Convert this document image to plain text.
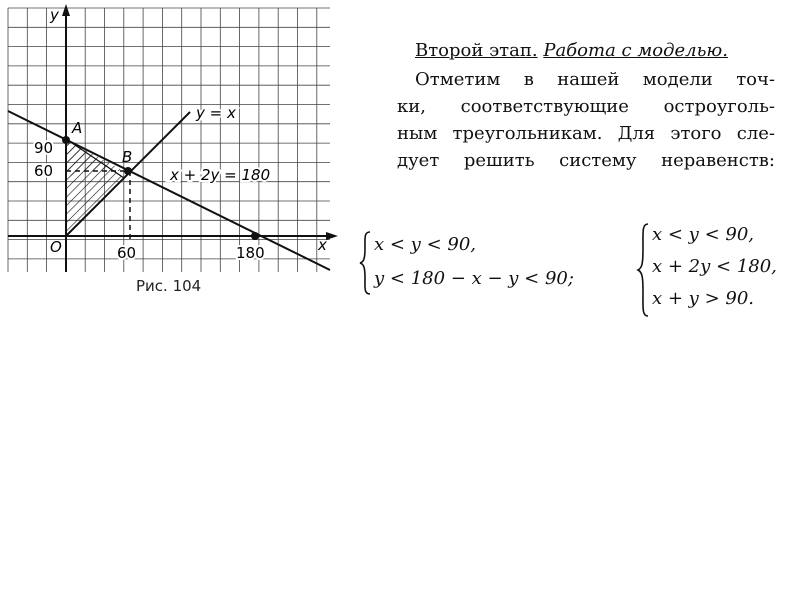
y
x
O
A
B
90
60
60	180
y = x
x + 2y = 180
Рис. 104
Второй этап. Работа с моделью.
Отметим в нашей модели точ-
ки, соответствующие остроуголь-
ным треугольникам. Для этого сле-
дует решить систему неравенств:
x < y < 90,
y < 180 − x − y < 90;
x < y < 90,
x + 2y < 180,
x + y > 90.
